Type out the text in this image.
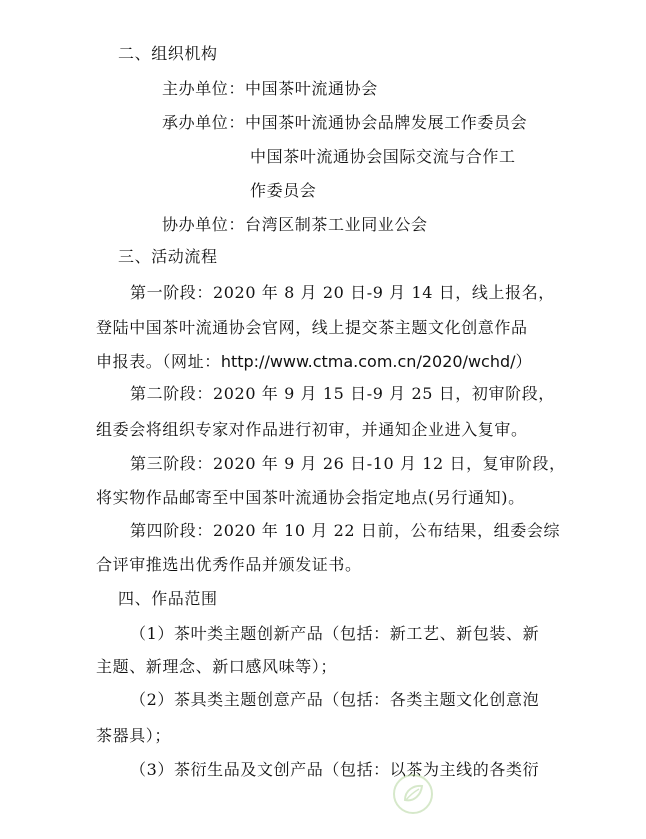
二、组织机构
主办单位：中国茶叶流通协会
承办单位：中国茶叶流通协会品牌发展工作委员会
中国茶叶流通协会国际交流与合作工
作委员会
协办单位：台湾区制茶工业同业公会
三、活动流程
第一阶段：2020 年 8 月 20 日-9 月 14 日，线上报名，
登陆中国茶叶流通协会官网，线上提交茶主题文化创意作品
申报表。（网址：http://www.ctma.com.cn/2020/wchd/）
第二阶段：2020 年 9 月 15 日-9 月 25 日，初审阶段，
组委会将组织专家对作品进行初审，并通知企业进入复审。
第三阶段：2020 年 9 月 26 日-10 月 12 日，复审阶段，
将实物作品邮寄至中国茶叶流通协会指定地点(另行通知)。
第四阶段：2020 年 10 月 22 日前，公布结果，组委会综
合评审推选出优秀作品并颁发证书。
四、作品范围
（1）茶叶类主题创新产品（包括：新工艺、新包装、新
主题、新理念、新口感风味等）；
（2）茶具类主题创意产品（包括：各类主题文化创意泡
茶器具）；
（3）茶衍生品及文创产品（包括：以茶为主线的各类衍
